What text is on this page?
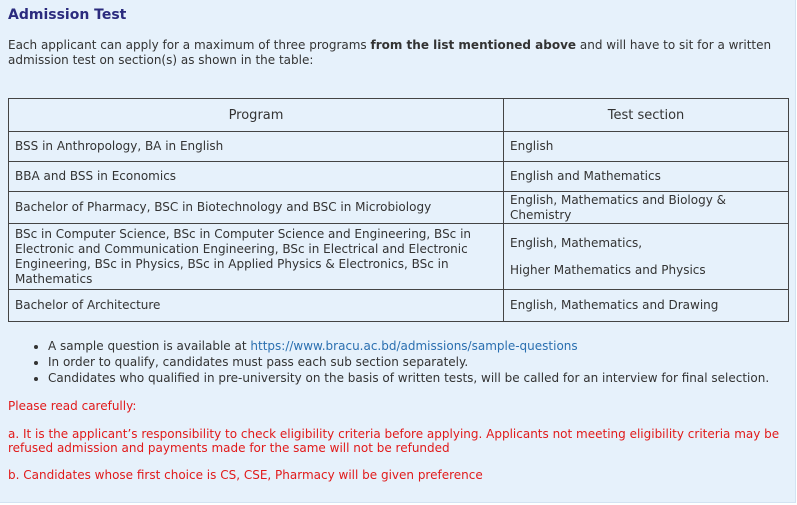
Admission Test
Each applicant can apply for a maximum of three programs from the list mentioned above and will have to sit for a written admission test on section(s) as shown in the table:
Program	Test section
BSS in Anthropology, BA in English	English
BBA and BSS in Economics	English and Mathematics
Bachelor of Pharmacy, BSC in Biotechnology and BSC in Microbiology	English, Mathematics and Biology & Chemistry
BSc in Computer Science, BSc in Computer Science and Engineering, BSc in Electronic and Communication Engineering, BSc in Electrical and Electronic Engineering, BSc in Physics, BSc in Applied Physics & Electronics, BSc in Mathematics	English, Mathematics,
Higher Mathematics and Physics

Bachelor of Architecture	English, Mathematics and Drawing
• A sample question is available at https://www.bracu.ac.bd/admissions/sample-questions
• In order to qualify, candidates must pass each sub section separately.
• Candidates who qualified in pre-university on the basis of written tests, will be called for an interview for final selection.
Please read carefully:
a. It is the applicant’s responsibility to check eligibility criteria before applying. Applicants not meeting eligibility criteria may be refused admission and payments made for the same will not be refunded
b. Candidates whose first choice is CS, CSE, Pharmacy will be given preference
